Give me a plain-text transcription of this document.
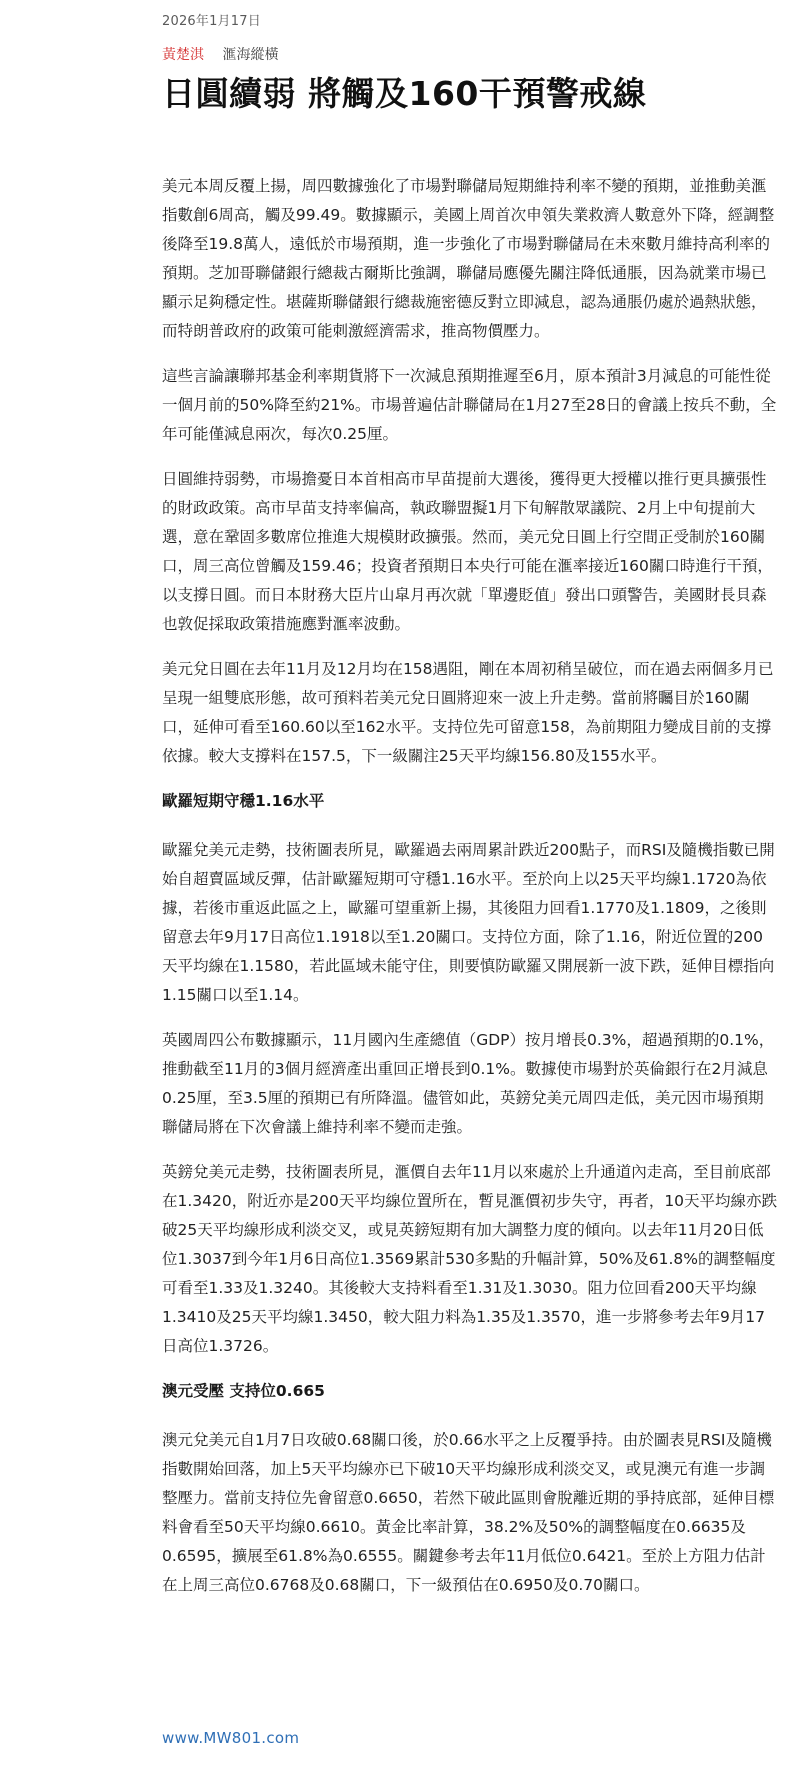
2026年1月17日
黃楚淇 滙海縱橫
日圓續弱 將觸及160干預警戒線

美元本周反覆上揚，周四數據強化了市場對聯儲局短期維持利率不變的預期，並推動美滙指數創6周高，觸及99.49。數據顯示，美國上周首次申領失業救濟人數意外下降，經調整後降至19.8萬人，遠低於市場預期，進一步強化了市場對聯儲局在未來數月維持高利率的預期。芝加哥聯儲銀行總裁古爾斯比強調，聯儲局應優先關注降低通脹，因為就業市場已顯示足夠穩定性。堪薩斯聯儲銀行總裁施密德反對立即減息，認為通脹仍處於過熱狀態，而特朗普政府的政策可能刺激經濟需求，推高物價壓力。

這些言論讓聯邦基金利率期貨將下一次減息預期推遲至6月，原本預計3月減息的可能性從一個月前的50%降至約21%。市場普遍估計聯儲局在1月27至28日的會議上按兵不動，全年可能僅減息兩次，每次0.25厘。

日圓維持弱勢，市場擔憂日本首相高市早苗提前大選後，獲得更大授權以推行更具擴張性的財政政策。高市早苗支持率偏高，執政聯盟擬1月下旬解散眾議院、2月上中旬提前大選，意在鞏固多數席位推進大規模財政擴張。然而，美元兌日圓上行空間正受制於160關口，周三高位曾觸及159.46；投資者預期日本央行可能在滙率接近160關口時進行干預，以支撐日圓。而日本財務大臣片山皐月再次就「單邊貶值」發出口頭警告，美國財長貝森也敦促採取政策措施應對滙率波動。

美元兌日圓在去年11月及12月均在158遇阻，剛在本周初稍呈破位，而在過去兩個多月已呈現一組雙底形態，故可預料若美元兌日圓將迎來一波上升走勢。當前將矚目於160關口，延伸可看至160.60以至162水平。支持位先可留意158，為前期阻力變成目前的支撐依據。較大支撐料在157.5，下一級關注25天平均線156.80及155水平。

歐羅短期守穩1.16水平

歐羅兌美元走勢，技術圖表所見，歐羅過去兩周累計跌近200點子，而RSI及隨機指數已開始自超賣區域反彈，估計歐羅短期可守穩1.16水平。至於向上以25天平均線1.1720為依據，若後市重返此區之上，歐羅可望重新上揚，其後阻力回看1.1770及1.1809，之後則留意去年9月17日高位1.1918以至1.20關口。支持位方面，除了1.16，附近位置的200天平均線在1.1580，若此區域未能守住，則要慎防歐羅又開展新一波下跌，延伸目標指向1.15關口以至1.14。

英國周四公布數據顯示，11月國內生產總值（GDP）按月增長0.3%，超過預期的0.1%，推動截至11月的3個月經濟產出重回正增長到0.1%。數據使市場對於英倫銀行在2月減息0.25厘，至3.5厘的預期已有所降溫。儘管如此，英鎊兌美元周四走低，美元因市場預期聯儲局將在下次會議上維持利率不變而走強。

英鎊兌美元走勢，技術圖表所見，滙價自去年11月以來處於上升通道內走高，至目前底部在1.3420，附近亦是200天平均線位置所在，暫見滙價初步失守，再者，10天平均線亦跌破25天平均線形成利淡交叉，或見英鎊短期有加大調整力度的傾向。以去年11月20日低位1.3037到今年1月6日高位1.3569累計530多點的升幅計算，50%及61.8%的調整幅度可看至1.33及1.3240。其後較大支持料看至1.31及1.3030。阻力位回看200天平均線1.3410及25天平均線1.3450，較大阻力料為1.35及1.3570，進一步將參考去年9月17日高位1.3726。

澳元受壓 支持位0.665

澳元兌美元自1月7日攻破0.68關口後，於0.66水平之上反覆爭持。由於圖表見RSI及隨機指數開始回落，加上5天平均線亦已下破10天平均線形成利淡交叉，或見澳元有進一步調整壓力。當前支持位先會留意0.6650，若然下破此區則會脫離近期的爭持底部，延伸目標料會看至50天平均線0.6610。黃金比率計算，38.2%及50%的調整幅度在0.6635及0.6595，擴展至61.8%為0.6555。關鍵參考去年11月低位0.6421。至於上方阻力估計在上周三高位0.6768及0.68關口，下一級預估在0.6950及0.70關口。

www.MW801.com
